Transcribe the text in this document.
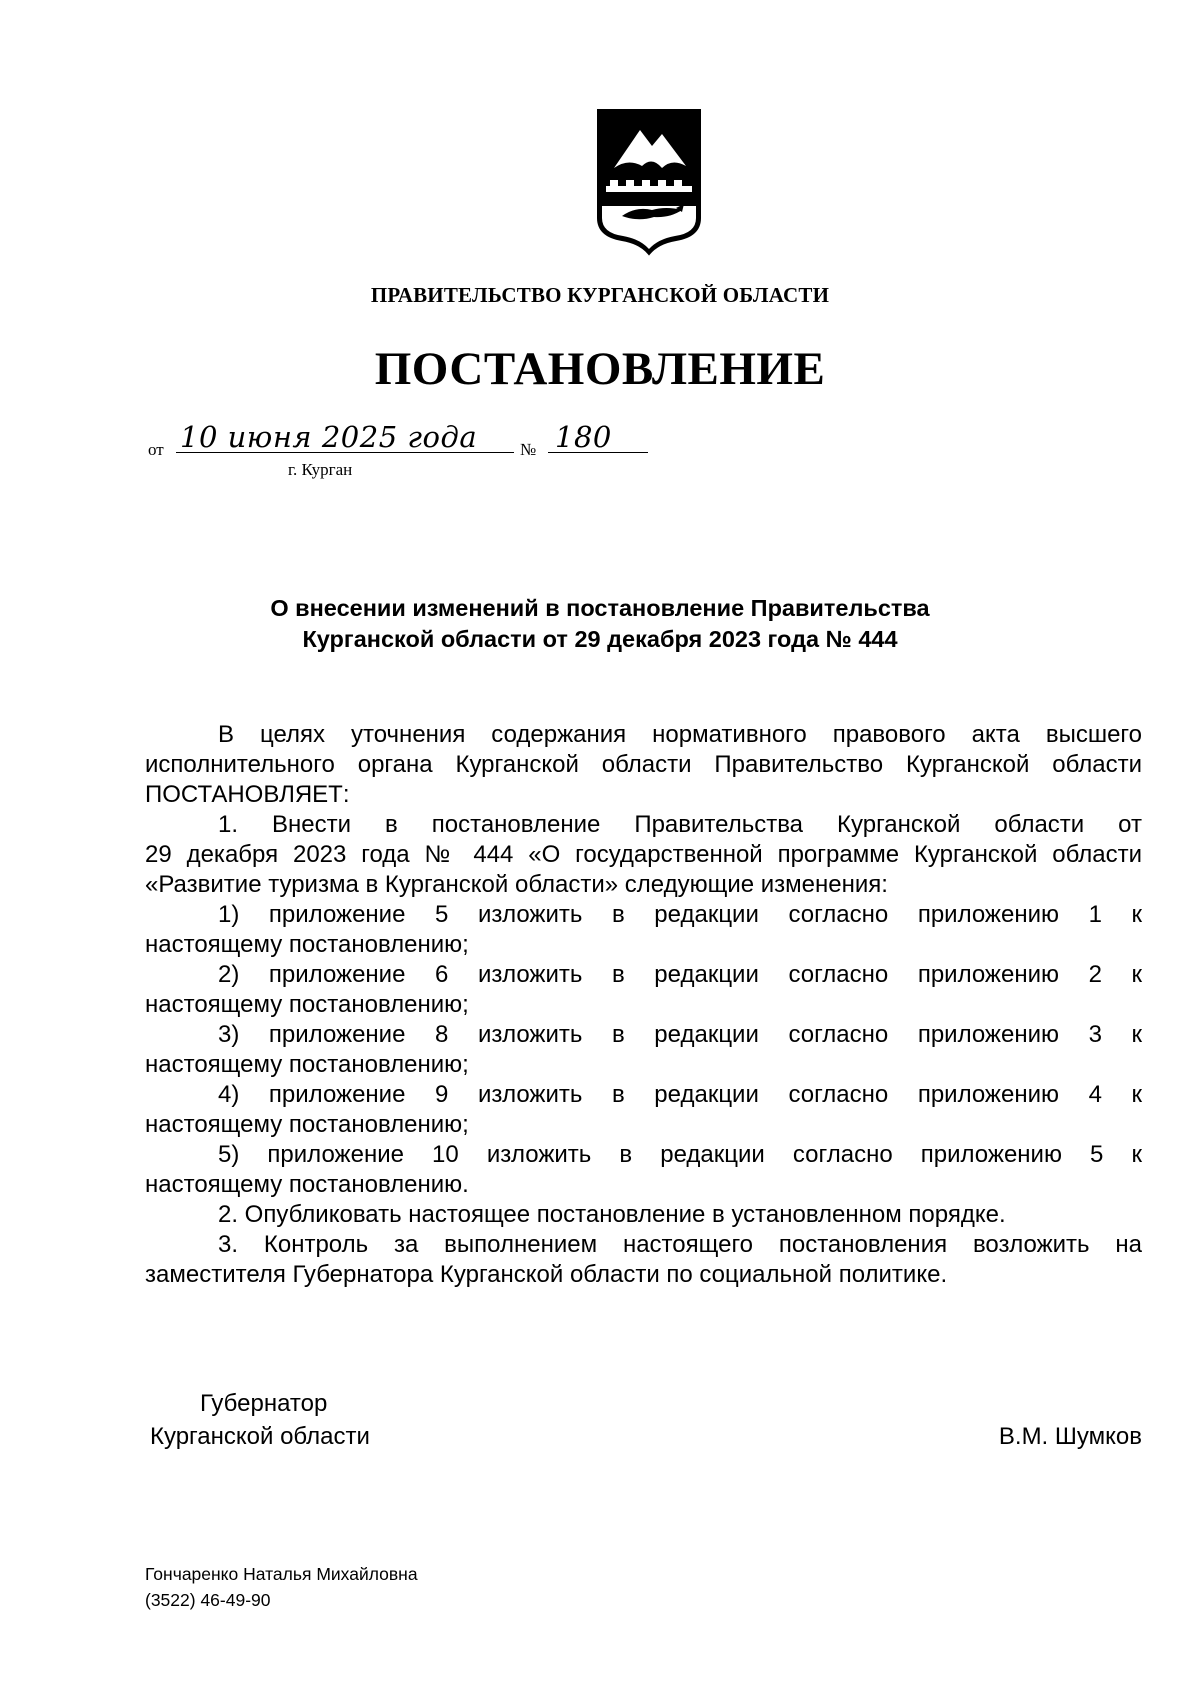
ПРАВИТЕЛЬСТВО КУРГАНСКОЙ ОБЛАСТИ
ПОСТАНОВЛЕНИЕ
от 10 июня 2025 года	№ 180
г. Курган
О внесении изменений в постановление Правительства
Курганской области от 29 декабря 2023 года № 444
В целях уточнения содержания нормативного правового акта высшего
исполнительного органа Курганской области Правительство Курганской области
ПОСТАНОВЛЯЕТ:
1. Внести в постановление Правительства Курганской области от
29 декабря 2023 года № 444 «О государственной программе Курганской области
«Развитие туризма в Курганской области» следующие изменения:
1) приложение 5 изложить в редакции согласно приложению 1 к
настоящему постановлению;
2) приложение 6 изложить в редакции согласно приложению 2 к
настоящему постановлению;
3) приложение 8 изложить в редакции согласно приложению 3 к
настоящему постановлению;
4) приложение 9 изложить в редакции согласно приложению 4 к
настоящему постановлению;
5) приложение 10 изложить в редакции согласно приложению 5 к
настоящему постановлению.
2. Опубликовать настоящее постановление в установленном порядке.
3. Контроль за выполнением настоящего постановления возложить на
заместителя Губернатора Курганской области по социальной политике.
Губернатор
Курганской области	В.М. Шумков
Гончаренко Наталья Михайловна
(3522) 46-49-90
